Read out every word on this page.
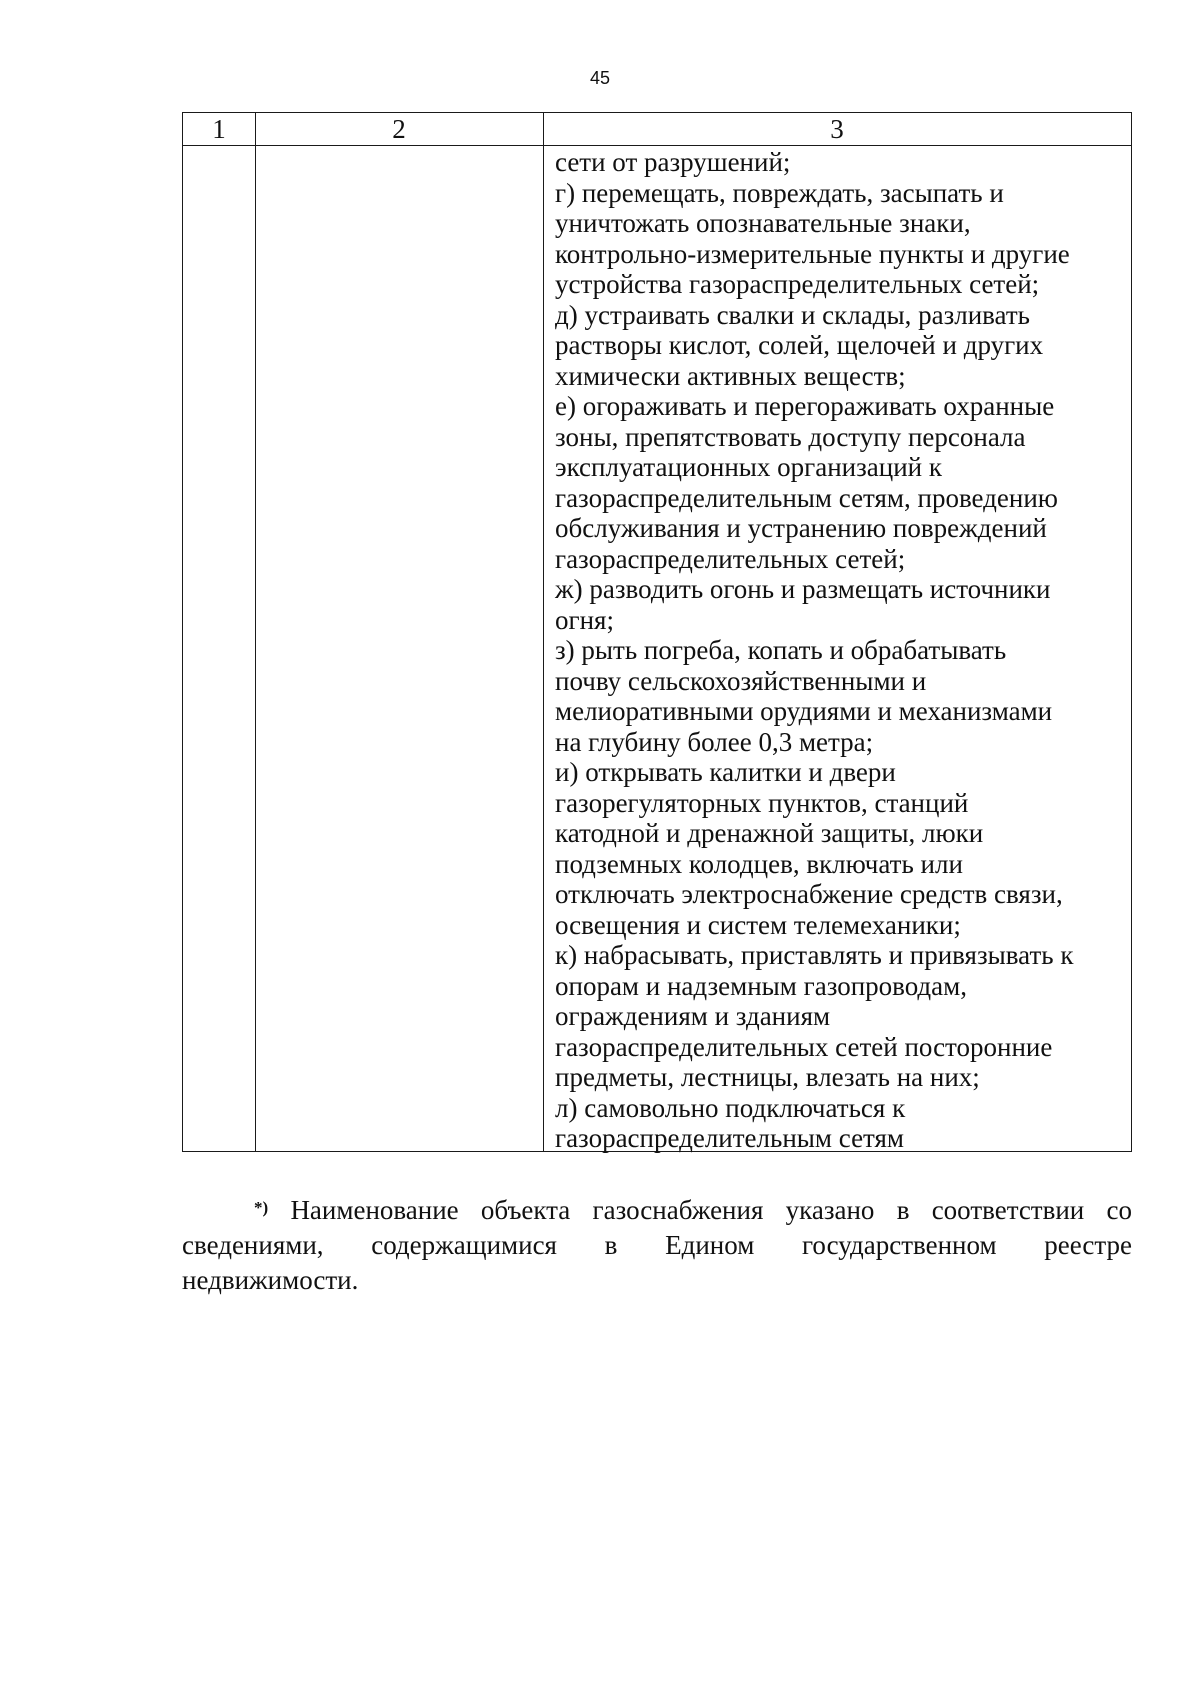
45
1	2	3
сети от разрушений;
г) перемещать, повреждать, засыпать и
уничтожать опознавательные знаки,
контрольно-измерительные пункты и другие
устройства газораспределительных сетей;
д) устраивать свалки и склады, разливать
растворы кислот, солей, щелочей и других
химически активных веществ;
е) огораживать и перегораживать охранные
зоны, препятствовать доступу персонала
эксплуатационных организаций к
газораспределительным сетям, проведению
обслуживания и устранению повреждений
газораспределительных сетей;
ж) разводить огонь и размещать источники
огня;
з) рыть погреба, копать и обрабатывать
почву сельскохозяйственными и
мелиоративными орудиями и механизмами
на глубину более 0,3 метра;
и) открывать калитки и двери
газорегуляторных пунктов, станций
катодной и дренажной защиты, люки
подземных колодцев, включать или
отключать электроснабжение средств связи,
освещения и систем телемеханики;
к) набрасывать, приставлять и привязывать к
опорам и надземным газопроводам,
ограждениям и зданиям
газораспределительных сетей посторонние
предметы, лестницы, влезать на них;
л) самовольно подключаться к
газораспределительным сетям
*) Наименование объекта газоснабжения указано в соответствии со
сведениями, содержащимися в Едином государственном реестре
недвижимости.
